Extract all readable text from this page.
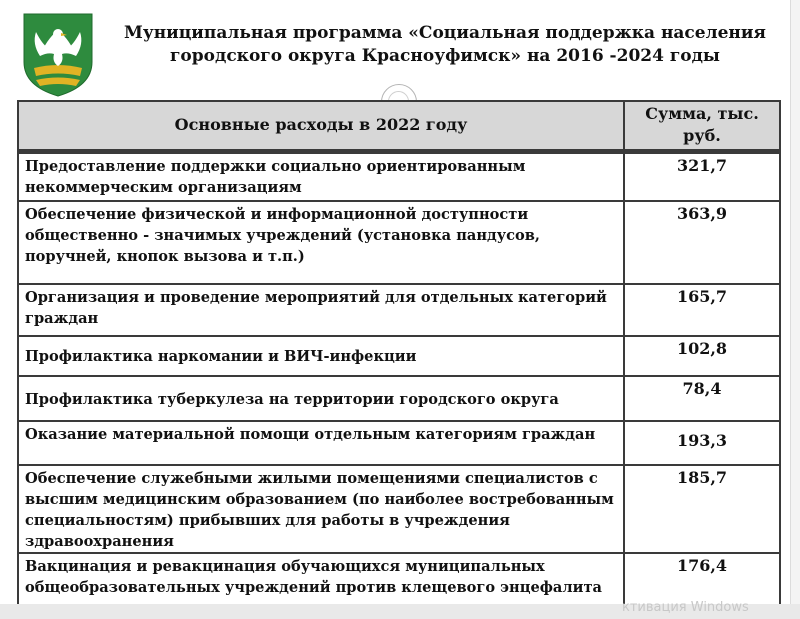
Муниципальная программа «Социальная поддержка населения
городского округа Красноуфимск» на 2016 -2024 годы
Основные расходы в 2022 году	Сумма, тыс. руб.
Предоставление поддержки социально ориентированным некоммерческим организациям	321,7
Обеспечение физической и информационной доступности общественно - значимых учреждений (установка пандусов, поручней, кнопок вызова и т.п.)	363,9
Организация и проведение мероприятий для отдельных категорий граждан	165,7
Профилактика наркомании и ВИЧ-инфекции	102,8
Профилактика туберкулеза на территории городского округа	78,4
Оказание материальной помощи отдельным категориям граждан	193,3
Обеспечение служебными жилыми помещениями специалистов с высшим медицинским образованием (по наиболее востребованным специальностям) прибывших для работы в учреждения здравоохранения	185,7
Вакцинация и ревакцинация обучающихся муниципальных общеобразовательных учреждений против клещевого энцефалита	176,4
ктивация Windows
